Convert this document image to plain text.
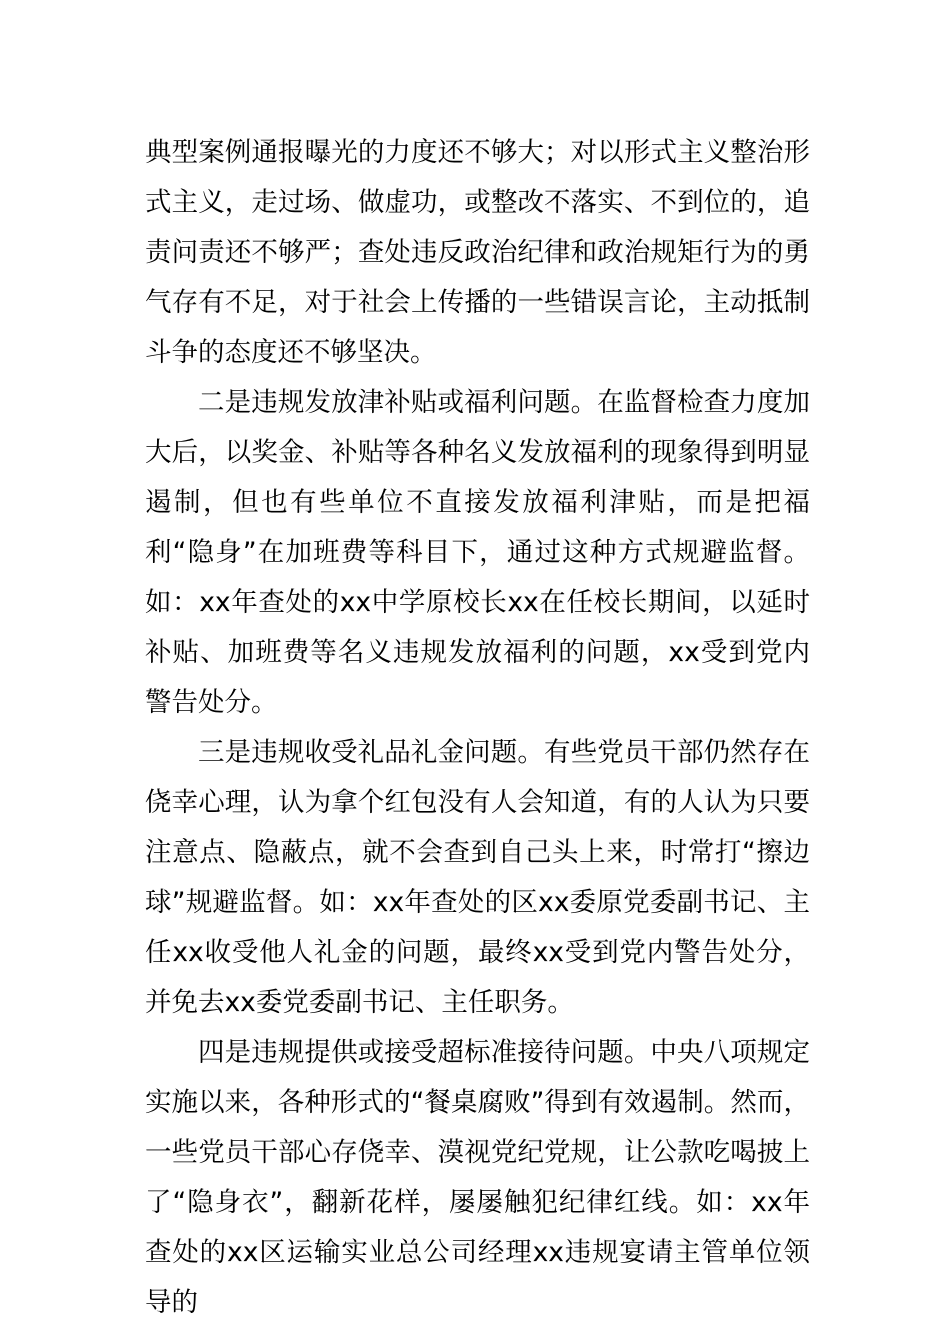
典型案例通报曝光的力度还不够大；对以形式主义整治形式主义，走过场、做虚功，或整改不落实、不到位的，追责问责还不够严；查处违反政治纪律和政治规矩行为的勇气存有不足，对于社会上传播的一些错误言论，主动抵制斗争的态度还不够坚决。

二是违规发放津补贴或福利问题。在监督检查力度加大后，以奖金、补贴等各种名义发放福利的现象得到明显遏制，但也有些单位不直接发放福利津贴，而是把福利“隐身”在加班费等科目下，通过这种方式规避监督。如：xx年查处的xx中学原校长xx在任校长期间，以延时补贴、加班费等名义违规发放福利的问题，xx受到党内警告处分。

三是违规收受礼品礼金问题。有些党员干部仍然存在侥幸心理，认为拿个红包没有人会知道，有的人认为只要注意点、隐蔽点，就不会查到自己头上来，时常打“擦边球”规避监督。如：xx年查处的区xx委原党委副书记、主任xx收受他人礼金的问题，最终xx受到党内警告处分，并免去xx委党委副书记、主任职务。

四是违规提供或接受超标准接待问题。中央八项规定实施以来，各种形式的“餐桌腐败”得到有效遏制。然而，一些党员干部心存侥幸、漠视党纪党规，让公款吃喝披上了“隐身衣”，翻新花样，屡屡触犯纪律红线。如：xx年查处的xx区运输实业总公司经理xx违规宴请主管单位领导的
